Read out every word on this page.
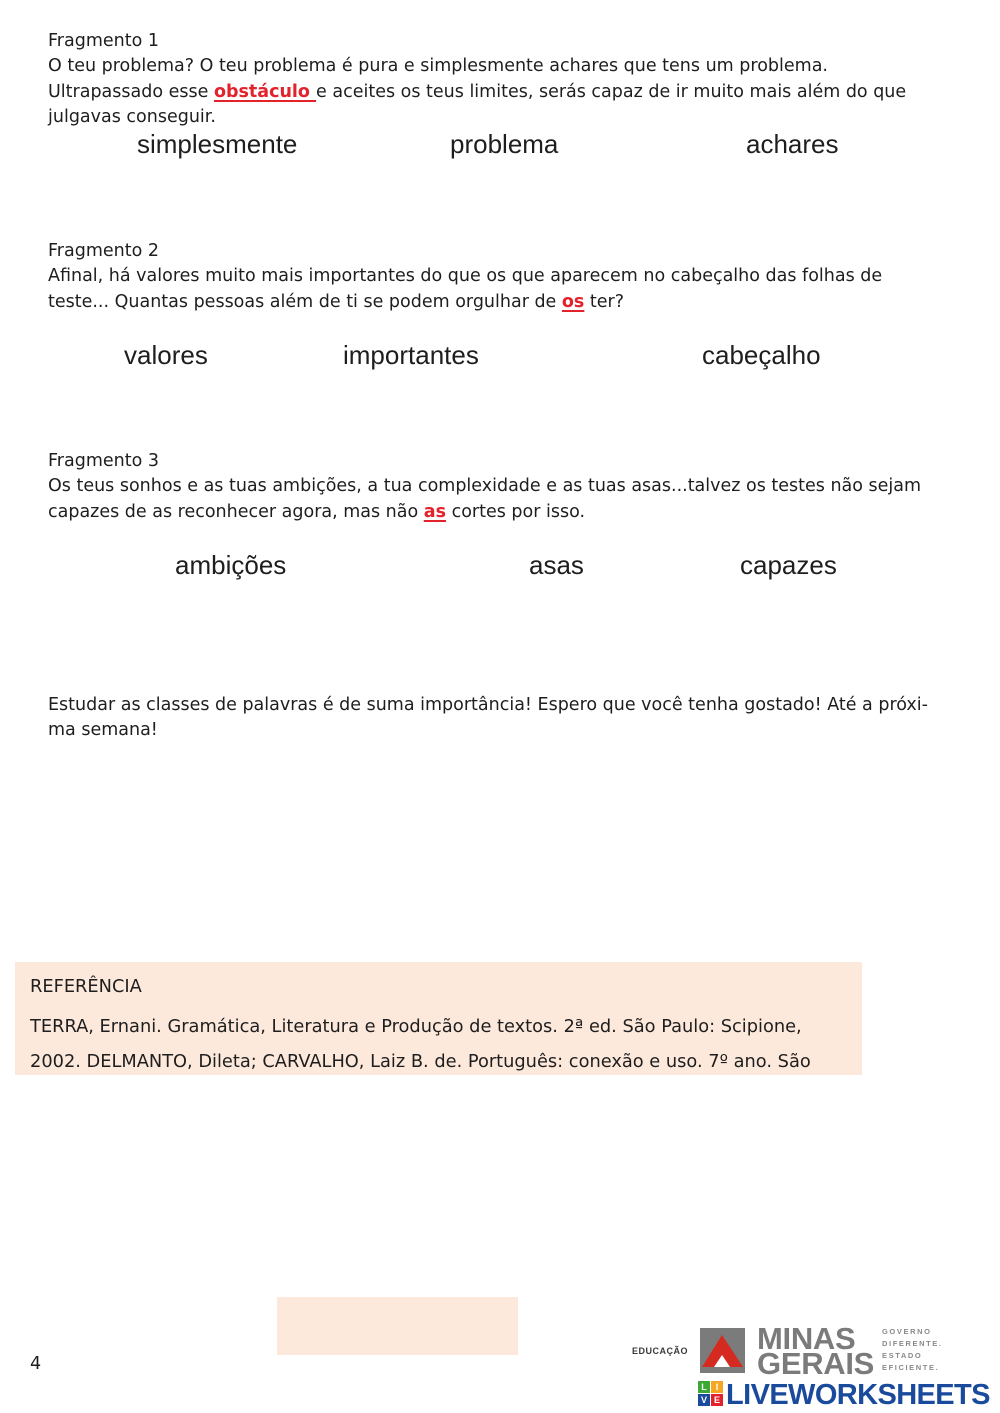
Fragmento 1
O teu problema? O teu problema é pura e simplesmente achares que tens um problema.
Ultrapassado esse obstáculo e aceites os teus limites, serás capaz de ir muito mais além do que
julgavas conseguir.
simplesmente	problema	achares
Fragmento 2
Afinal, há valores muito mais importantes do que os que aparecem no cabeçalho das folhas de
teste... Quantas pessoas além de ti se podem orgulhar de os ter?
valores	importantes	cabeçalho
Fragmento 3
Os teus sonhos e as tuas ambições, a tua complexidade e as tuas asas...talvez os testes não sejam
capazes de as reconhecer agora, mas não as cortes por isso.
ambições	asas	capazes
Estudar as classes de palavras é de suma importância! Espero que você tenha gostado! Até a próxi-
ma semana!
REFERÊNCIA
TERRA, Ernani. Gramática, Literatura e Produção de textos. 2ª ed. São Paulo: Scipione,
2002. DELMANTO, Dileta; CARVALHO, Laiz B. de. Português: conexão e uso. 7º ano. São
4
EDUCAÇÃO MINAS
GERAIS
GOVERNO
DIFERENTE.
ESTADO
EFICIENTE.
L I
V E LIVEWORKSHEETS
